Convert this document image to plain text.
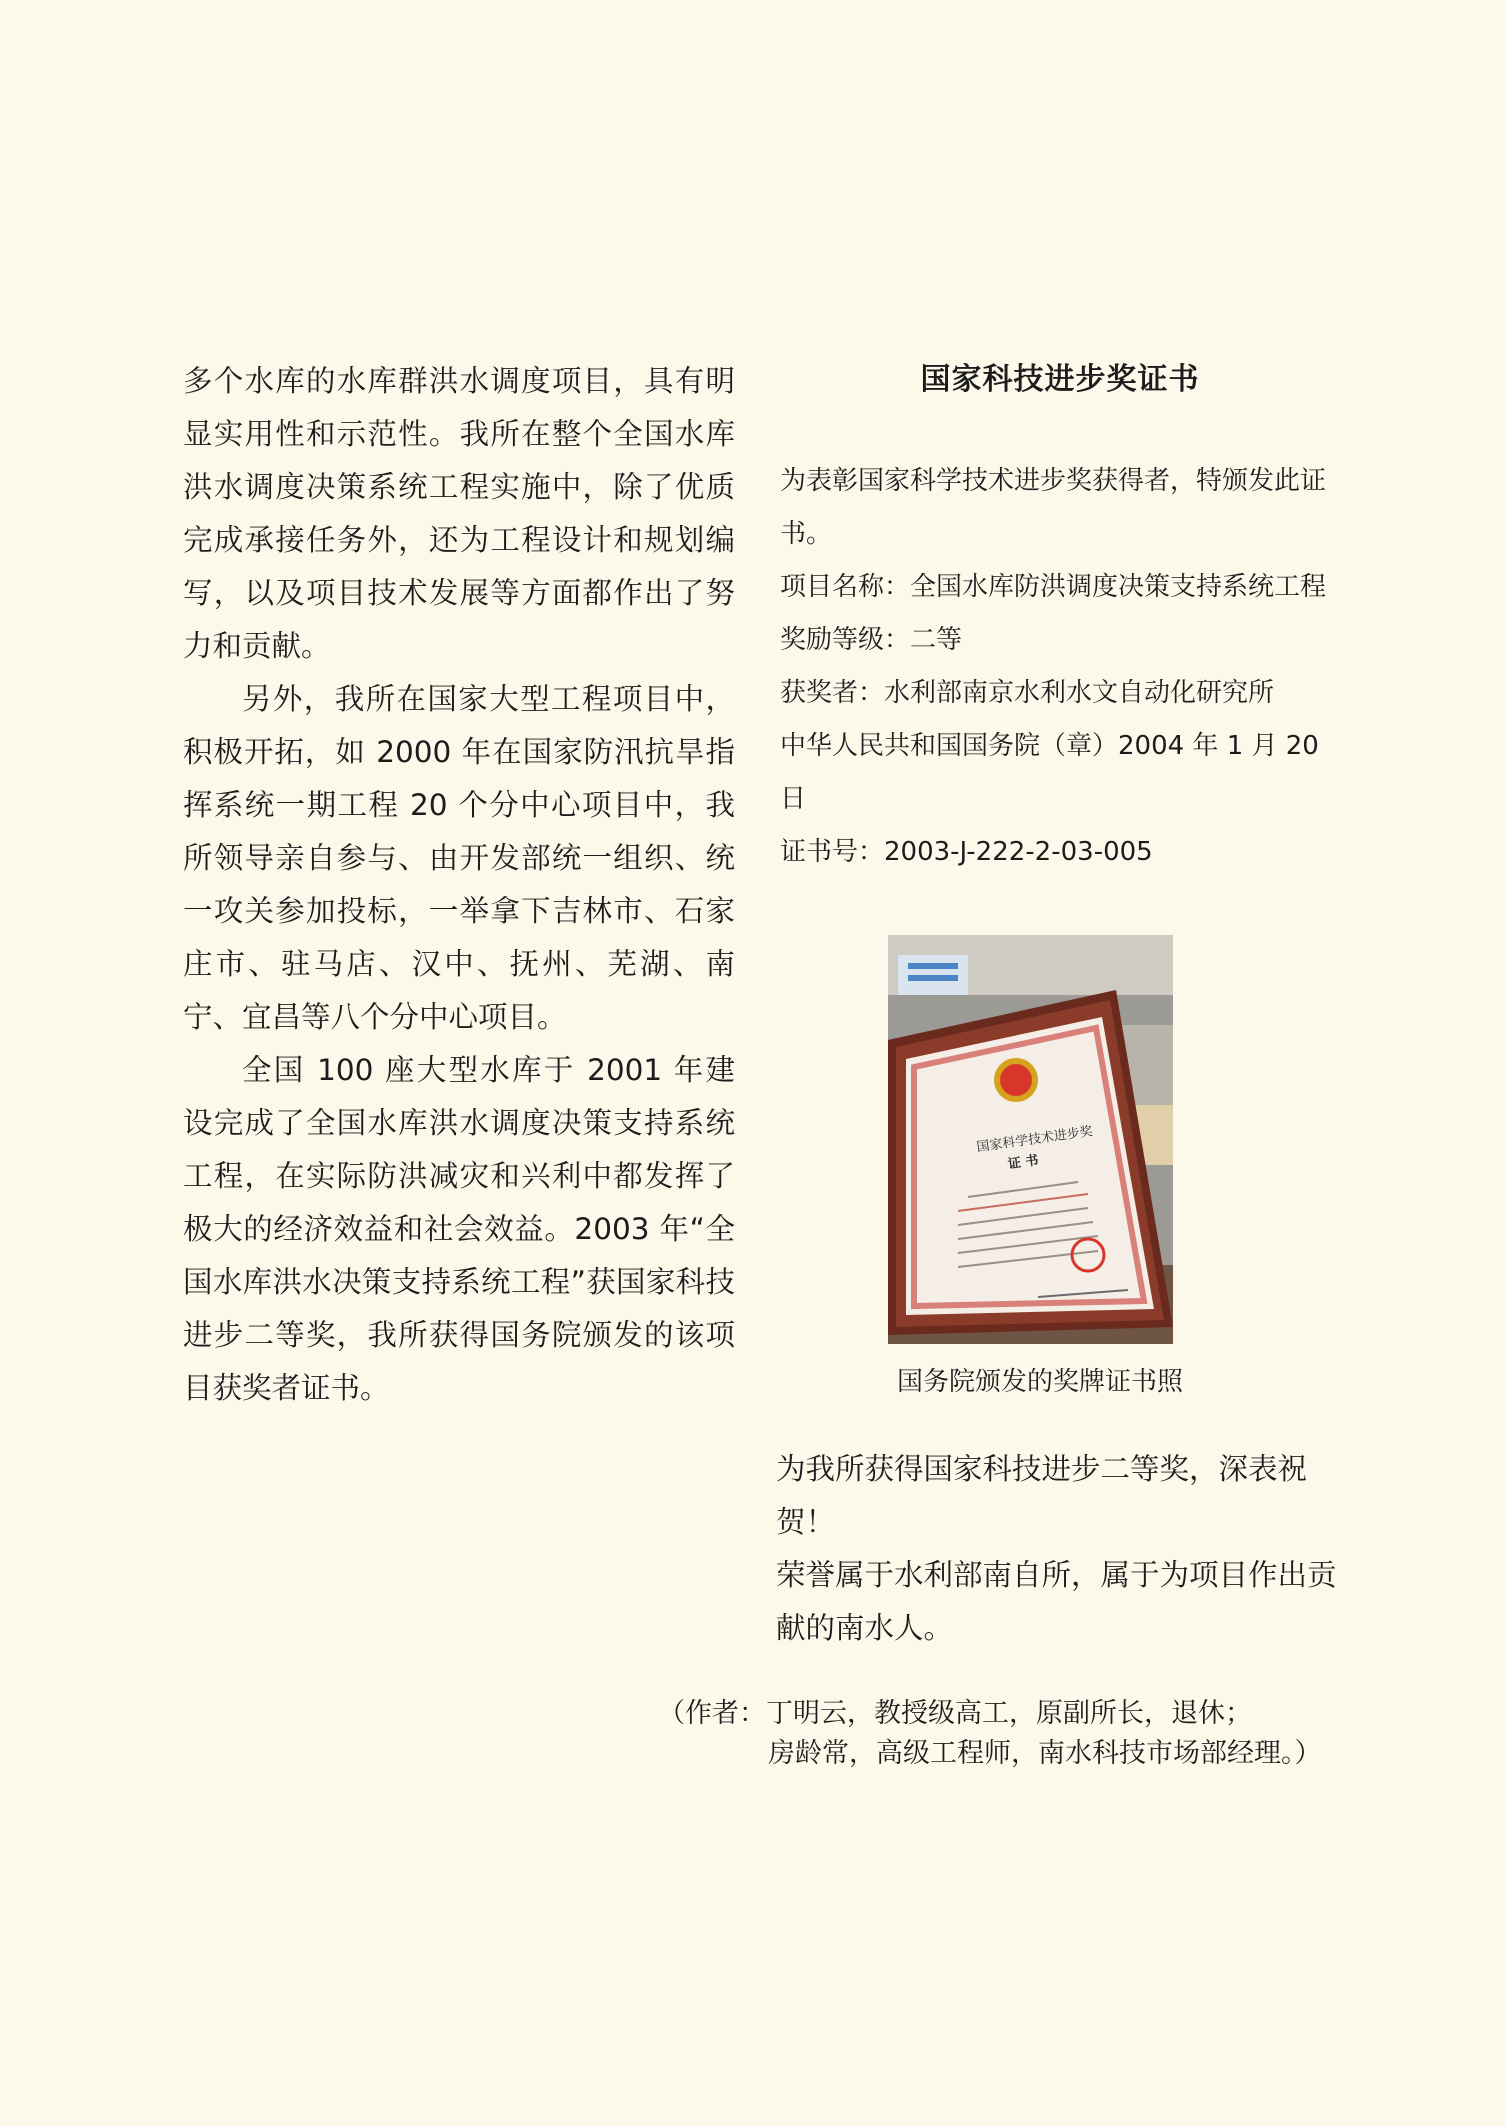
多个水库的水库群洪水调度项目，具有明显实用性和示范性。我所在整个全国水库洪水调度决策系统工程实施中，除了优质完成承接任务外，还为工程设计和规划编写，以及项目技术发展等方面都作出了努力和贡献。

另外，我所在国家大型工程项目中，积极开拓，如 2000 年在国家防汛抗旱指挥系统一期工程 20 个分中心项目中，我所领导亲自参与、由开发部统一组织、统一攻关参加投标，一举拿下吉林市、石家庄市、驻马店、汉中、抚州、芜湖、南宁、宜昌等八个分中心项目。

全国 100 座大型水库于 2001 年建设完成了全国水库洪水调度决策支持系统工程，在实际防洪减灾和兴利中都发挥了极大的经济效益和社会效益。2003 年“全国水库洪水决策支持系统工程”获国家科技进步二等奖，我所获得国务院颁发的该项目获奖者证书。

国家科技进步奖证书
为表彰国家科学技术进步奖获得者，特颁发此证书。
项目名称：全国水库防洪调度决策支持系统工程
奖励等级：二等
获奖者：水利部南京水利水文自动化研究所
中华人民共和国国务院（章）2004 年 1 月 20 日
证书号：2003-J-222-2-03-005
国家科学技术进步奖
证 书
国务院颁发的奖牌证书照
为我所获得国家科技进步二等奖，深表祝贺！
荣誉属于水利部南自所，属于为项目作出贡献的南水人。
（作者：丁明云，教授级高工，原副所长，退休；
房龄常，高级工程师，南水科技市场部经理。）
